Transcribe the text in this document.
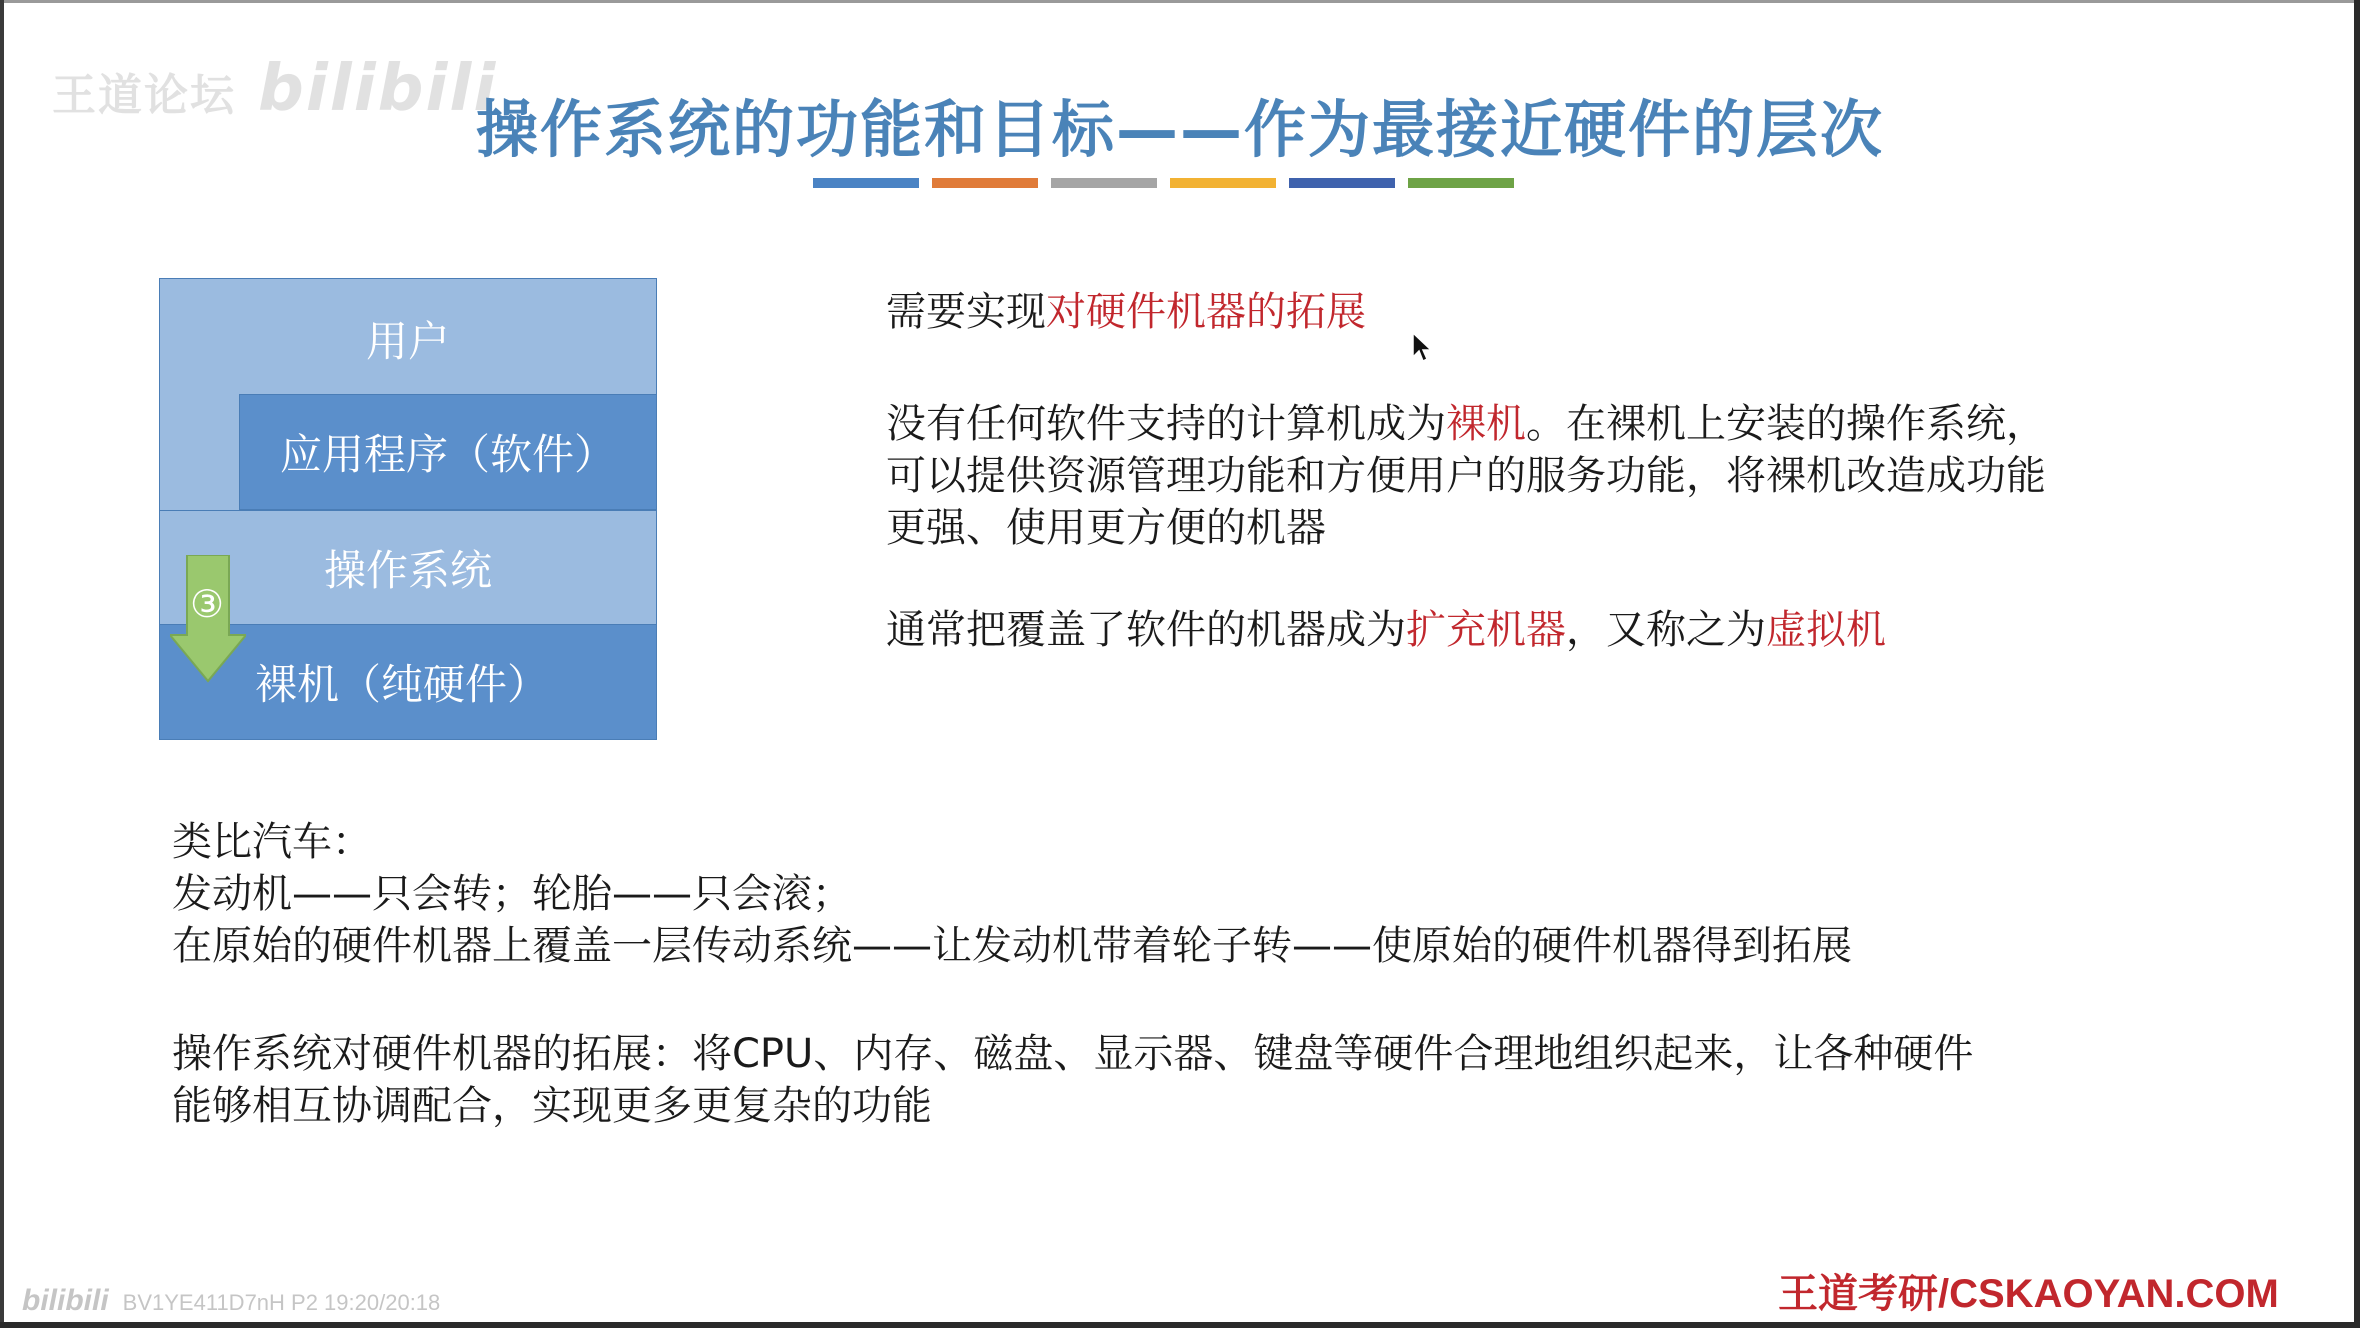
王道论坛 bilibili
操作系统的功能和目标——作为最接近硬件的层次
用户
应用程序（软件）
操作系统
裸机（纯硬件）
③
需要实现对硬件机器的拓展
没有任何软件支持的计算机成为裸机。在裸机上安装的操作系统，
可以提供资源管理功能和方便用户的服务功能，将裸机改造成功能
更强、使用更方便的机器
通常把覆盖了软件的机器成为扩充机器，又称之为虚拟机
类比汽车：
发动机——只会转；轮胎——只会滚；
在原始的硬件机器上覆盖一层传动系统——让发动机带着轮子转——使原始的硬件机器得到拓展
操作系统对硬件机器的拓展：将CPU、内存、磁盘、显示器、键盘等硬件合理地组织起来，让各种硬件
能够相互协调配合，实现更多更复杂的功能
王道考研/CSKAOYAN.COM
bilibili BV1YE411D7nH P2 19:20/20:18
